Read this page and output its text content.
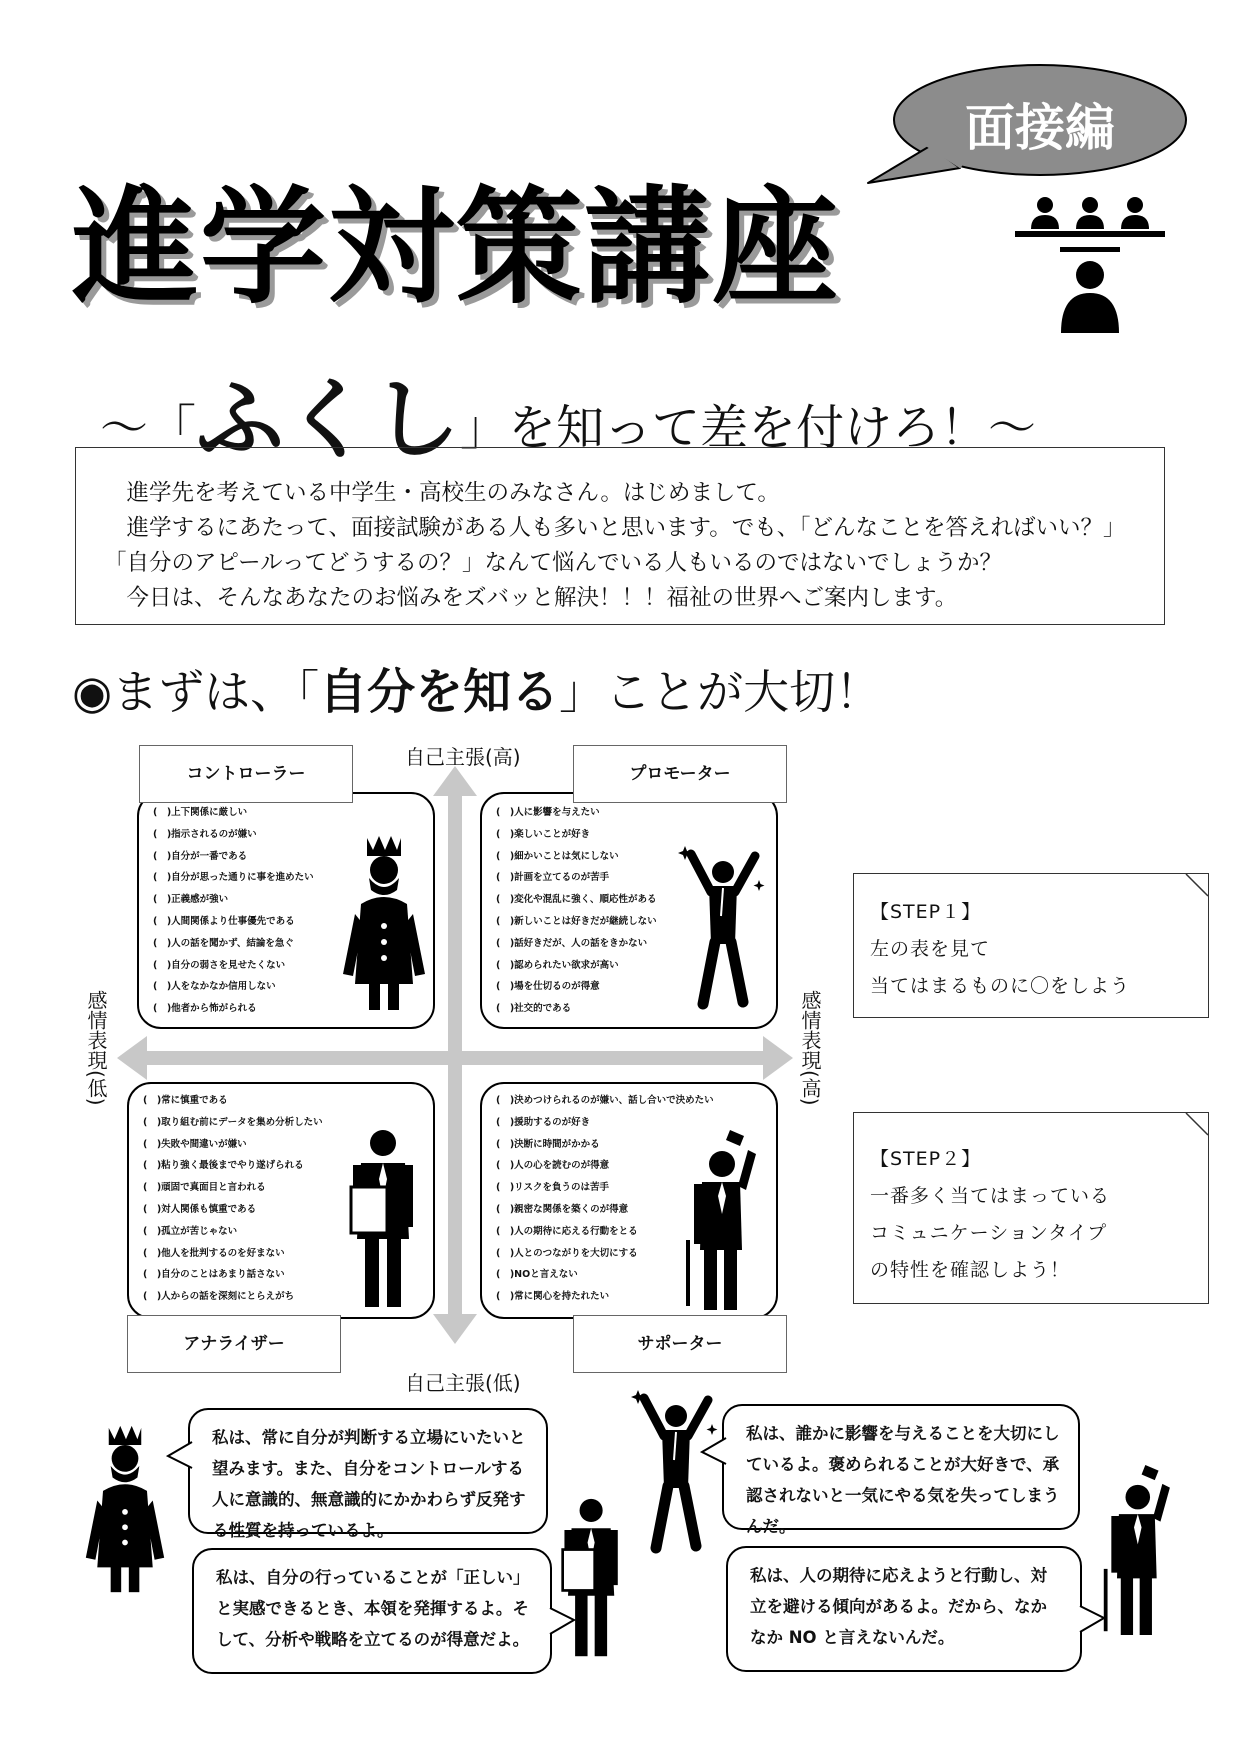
面接編
進学対策講座
～「ふくし」を知って差を付けろ！～

進学先を考えている中学生・高校生のみなさん。はじめまして。

進学するにあたって、面接試験がある人も多いと思います。でも、「どんなことを答えればいい？」「自分のアピールってどうするの？」なんて悩んでいる人もいるのではないでしょうか？

今日は、そんなあなたのお悩みをズバッと解決！！！福祉の世界へご案内します。

◉まずは、「自分を知る」ことが大切！
自己主張(高)
自己主張(低)
感情表現(低)	感情表現(高)
(　)上下関係に厳しい
(　)指示されるのが嫌い
(　)自分が一番である
(　)自分が思った通りに事を進めたい
(　)正義感が強い
(　)人間関係より仕事優先である
(　)人の話を聞かず、結論を急ぐ
(　)自分の弱さを見せたくない
(　)人をなかなか信用しない
(　)他者から怖がられる
コントローラー
(　)人に影響を与えたい
(　)楽しいことが好き
(　)細かいことは気にしない
(　)計画を立てるのが苦手
(　)変化や混乱に強く、順応性がある
(　)新しいことは好きだが継続しない
(　)話好きだが、人の話をきかない
(　)認められたい欲求が高い
(　)場を仕切るのが得意
(　)社交的である
プロモーター
(　)常に慎重である
(　)取り組む前にデータを集め分析したい
(　)失敗や間違いが嫌い
(　)粘り強く最後までやり遂げられる
(　)頑固で真面目と言われる
(　)対人関係も慎重である
(　)孤立が苦じゃない
(　)他人を批判するのを好まない
(　)自分のことはあまり話さない
(　)人からの話を深刻にとらえがち
アナライザー
(　)決めつけられるのが嫌い、話し合いで決めたい
(　)援助するのが好き
(　)決断に時間がかかる
(　)人の心を読むのが得意
(　)リスクを負うのは苦手
(　)親密な関係を築くのが得意
(　)人の期待に応える行動をとる
(　)人とのつながりを大切にする
(　)NOと言えない
(　)常に関心を持たれたい
サポーター
【STEP１】
左の表を見て
当てはまるものに〇をしよう
【STEP２】
一番多く当てはまっている
コミュニケーションタイプ
の特性を確認しよう！
私は、常に自分が判断する立場にいたいと望みます。また、自分をコントロールする人に意識的、無意識的にかかわらず反発する性質を持っているよ。
私は、自分の行っていることが「正しい」と実感できるとき、本領を発揮するよ。そして、分析や戦略を立てるのが得意だよ。
私は、誰かに影響を与えることを大切にしているよ。褒められることが大好きで、承認されないと一気にやる気を失ってしまうんだ。
私は、人の期待に応えようと行動し、対立を避ける傾向があるよ。だから、なかなか NO と言えないんだ。
